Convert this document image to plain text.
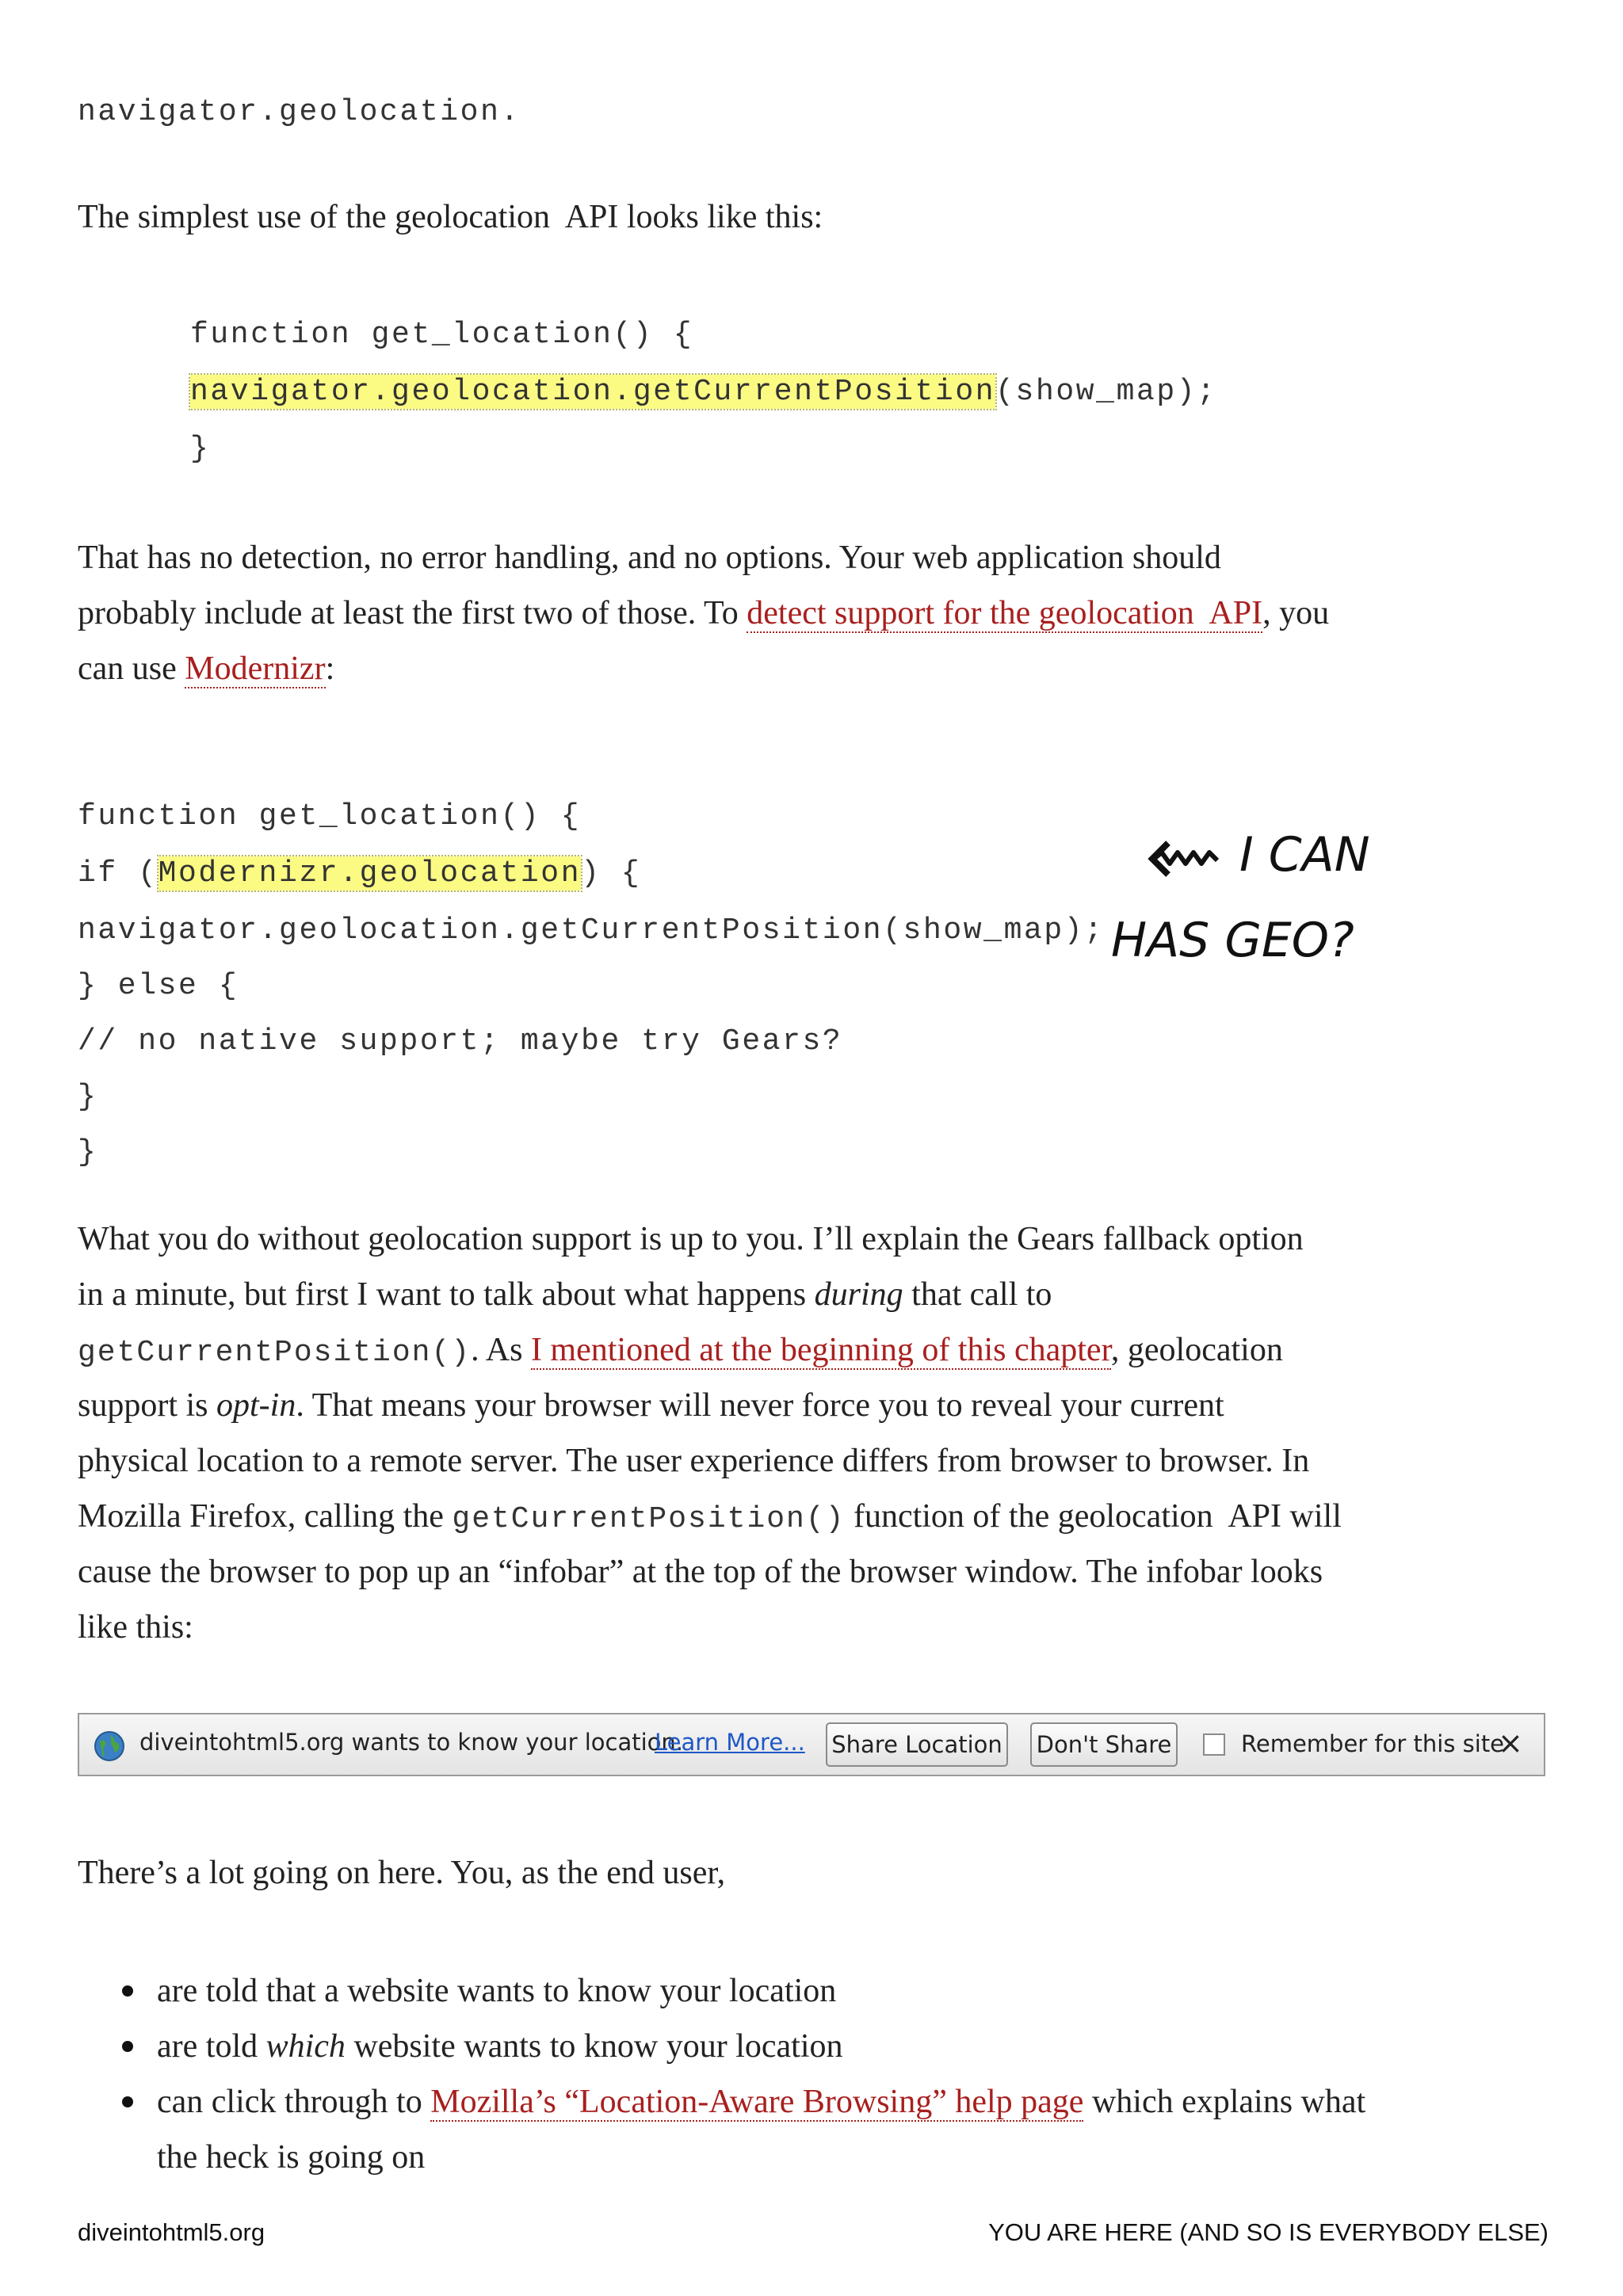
navigator.geolocation.
The simplest use of the geolocation  API looks like this:
function get_location() {
navigator.geolocation.getCurrentPosition(show_map);
}
That has no detection, no error handling, and no options. Your web application should
probably include at least the first two of those. To detect support for the geolocation  API, you
can use Modernizr:
function get_location() {
if (Modernizr.geolocation) {
navigator.geolocation.getCurrentPosition(show_map);
} else {
// no native support; maybe try Gears?
}
}
I CAN
HAS GEO?
What you do without geolocation support is up to you. I’ll explain the Gears fallback option
in a minute, but first I want to talk about what happens during that call to
getCurrentPosition(). As I mentioned at the beginning of this chapter, geolocation
support is opt-in. That means your browser will never force you to reveal your current
physical location to a remote server. The user experience differs from browser to browser. In
Mozilla Firefox, calling the getCurrentPosition() function of the geolocation  API will
cause the browser to pop up an “infobar” at the top of the browser window. The infobar looks
like this:
diveintohtml5.org wants to know your location.
Learn More... Share Location Don't Share	Remember for this site
×
There’s a lot going on here. You, as the end user,
are told that a website wants to know your location
are told which website wants to know your location
can click through to Mozilla’s “Location-Aware Browsing” help page which explains what
the heck is going on
diveintohtml5.org	YOU ARE HERE (AND SO IS EVERYBODY ELSE)
